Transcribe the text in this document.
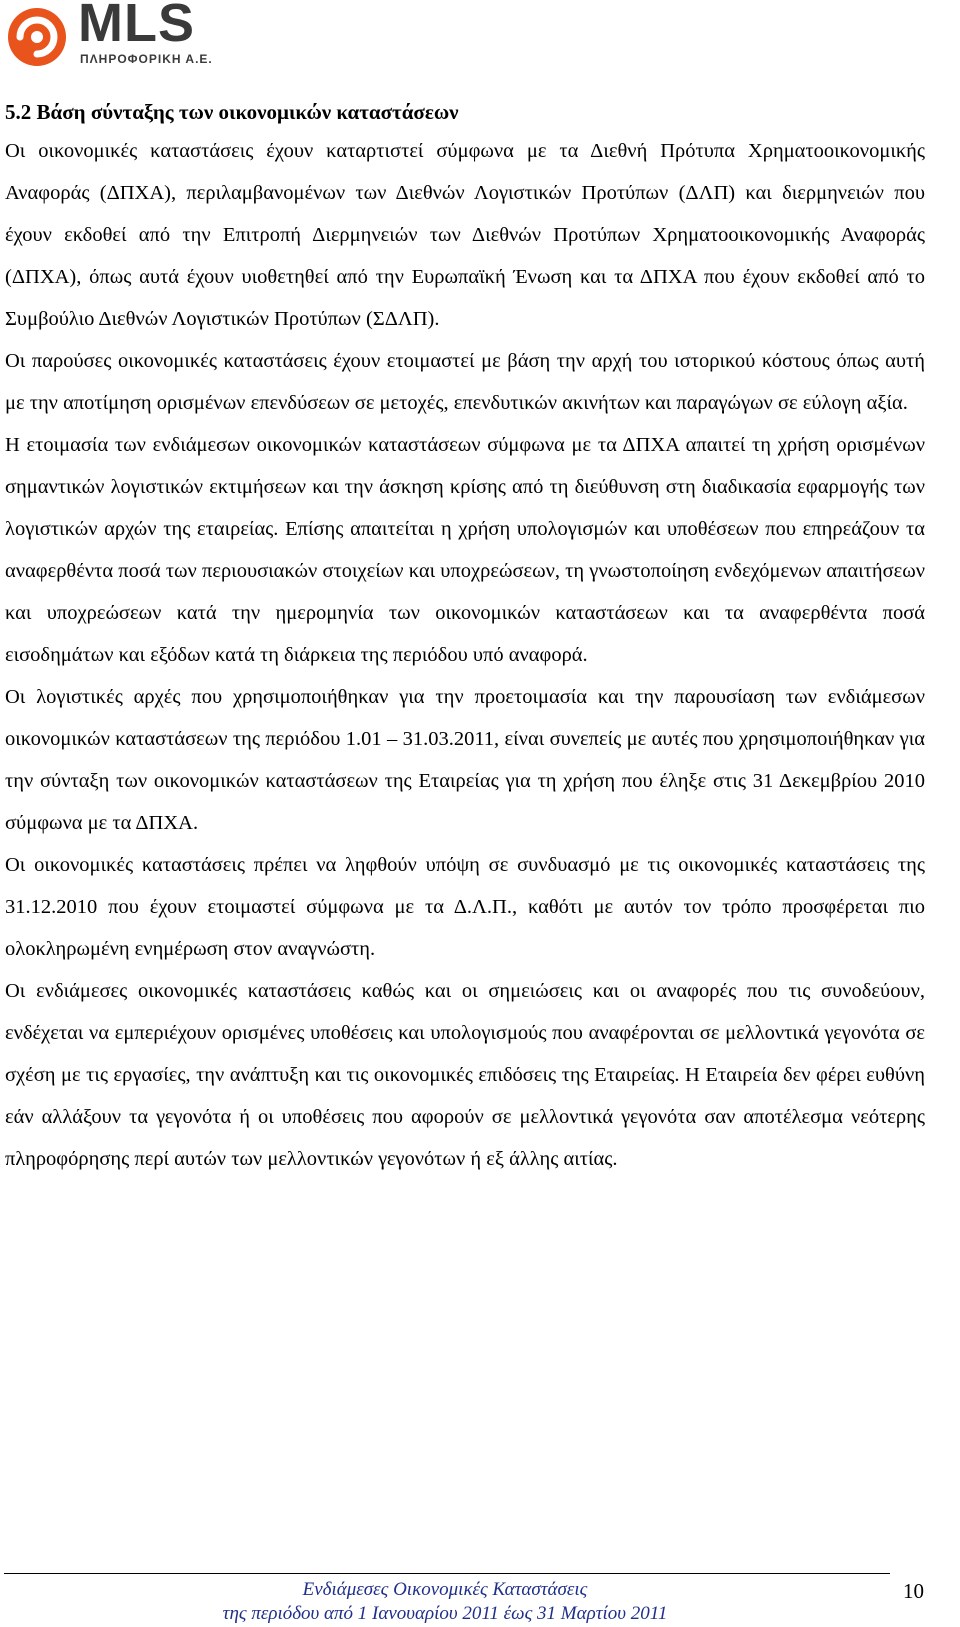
MLS
ΠΛΗΡΟΦΟΡΙΚΗ Α.Ε.
5.2 Βάση σύνταξης των οικονομικών καταστάσεων

Οι οικονομικές καταστάσεις έχουν καταρτιστεί σύμφωνα με τα Διεθνή Πρότυπα Χρηματοοικονομικής Αναφοράς (ΔΠΧΑ), περιλαμβανομένων των Διεθνών Λογιστικών Προτύπων (ΔΛΠ) και διερμηνειών που έχουν εκδοθεί από την Επιτροπή Διερμηνειών των Διεθνών Προτύπων Χρηματοοικονομικής Αναφοράς (ΔΠΧΑ), όπως αυτά έχουν υιοθετηθεί από την Ευρωπαϊκή Ένωση και τα ΔΠΧΑ που έχουν εκδοθεί από το Συμβούλιο Διεθνών Λογιστικών Προτύπων (ΣΔΛΠ).

Οι παρούσες οικονομικές καταστάσεις έχουν ετοιμαστεί με βάση την αρχή του ιστορικού κόστους όπως αυτή με την αποτίμηση ορισμένων επενδύσεων σε μετοχές, επενδυτικών ακινήτων και παραγώγων σε εύλογη αξία.

Η ετοιμασία των ενδιάμεσων οικονομικών καταστάσεων σύμφωνα με τα ΔΠΧΑ απαιτεί τη χρήση ορισμένων σημαντικών λογιστικών εκτιμήσεων και την άσκηση κρίσης από τη διεύθυνση στη διαδικασία εφαρμογής των λογιστικών αρχών της εταιρείας. Επίσης απαιτείται η χρήση υπολογισμών και υποθέσεων που επηρεάζουν τα αναφερθέντα ποσά των περιουσιακών στοιχείων και υποχρεώσεων, τη γνωστοποίηση ενδεχόμενων απαιτήσεων και υποχρεώσεων κατά την ημερομηνία των οικονομικών καταστάσεων και τα αναφερθέντα ποσά εισοδημάτων και εξόδων κατά τη διάρκεια της περιόδου υπό αναφορά.

Οι λογιστικές αρχές που χρησιμοποιήθηκαν για την προετοιμασία και την παρουσίαση των ενδιάμεσων οικονομικών καταστάσεων της περιόδου 1.01 – 31.03.2011, είναι συνεπείς με αυτές που χρησιμοποιήθηκαν για την σύνταξη των οικονομικών καταστάσεων της Εταιρείας για τη χρήση που έληξε στις 31 Δεκεμβρίου 2010 σύμφωνα με τα ΔΠΧΑ.

Οι οικονομικές καταστάσεις πρέπει να ληφθούν υπόψη σε συνδυασμό με τις οικονομικές καταστάσεις της 31.12.2010 που έχουν ετοιμαστεί σύμφωνα με τα Δ.Λ.Π., καθότι με αυτόν τον τρόπο προσφέρεται πιο ολοκληρωμένη ενημέρωση στον αναγνώστη.

Οι ενδιάμεσες οικονομικές καταστάσεις καθώς και οι σημειώσεις και οι αναφορές που τις συνοδεύουν, ενδέχεται να εμπεριέχουν ορισμένες υποθέσεις και υπολογισμούς που αναφέρονται σε μελλοντικά γεγονότα σε σχέση με τις εργασίες, την ανάπτυξη και τις οικονομικές επιδόσεις της Εταιρείας. Η Εταιρεία δεν φέρει ευθύνη εάν αλλάξουν τα γεγονότα ή οι υποθέσεις που αφορούν σε μελλοντικά γεγονότα σαν αποτέλεσμα νεότερης πληροφόρησης περί αυτών των μελλοντικών γεγονότων ή εξ άλλης αιτίας.

Ενδιάμεσες Οικονομικές Καταστάσεις
της περιόδου από 1 Ιανουαρίου 2011 έως 31 Μαρτίου 2011
10
